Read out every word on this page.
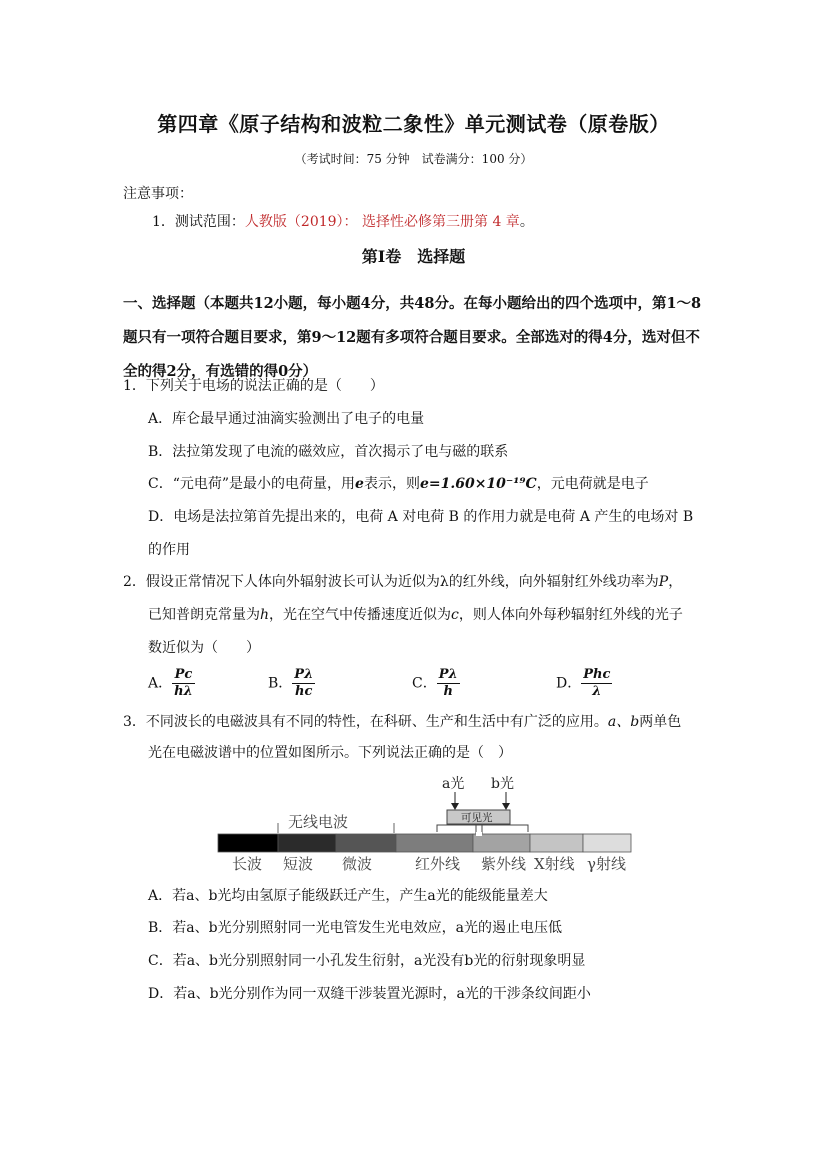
第四章《原子结构和波粒二象性》单元测试卷（原卷版）
（考试时间：75 分钟　试卷满分：100 分）
注意事项：
1．测试范围：人教版（2019）： 选择性必修第三册第 4 章。
第Ⅰ卷　选择题
一、选择题（本题共12小题，每小题4分，共48分。在每小题给出的四个选项中，第1～8题只有一项符合题目要求，第9～12题有多项符合题目要求。全部选对的得4分，选对但不全的得2分，有选错的得0分）
1．下列关于电场的说法正确的是（　　）
A．库仑最早通过油滴实验测出了电子的电量
B．法拉第发现了电流的磁效应，首次揭示了电与磁的联系
C．“元电荷”是最小的电荷量，用e表示，则e=1.60×10⁻¹⁹C，元电荷就是电子
D．电场是法拉第首先提出来的，电荷 A 对电荷 B 的作用力就是电荷 A 产生的电场对 B
的作用
2．假设正常情况下人体向外辐射波长可认为近似为λ的红外线，向外辐射红外线功率为P，
已知普朗克常量为h，光在空气中传播速度近似为c，则人体向外每秒辐射红外线的光子
数近似为（　　）
A． $\frac{Pc}{h\lambda}$	B． $\frac{P\lambda}{hc}$	C． $\frac{P\lambda}{h}$	D． $\frac{\text{Phc}}{\lambda}$
3．不同波长的电磁波具有不同的特性，在科研、生产和生活中有广泛的应用。a、b两单色
光在电磁波谱中的位置如图所示。下列说法正确的是（　）
a光 b光
可见光
无线电波
长波 短波 微波	红外线 紫外线 X射线 γ射线
A．若a、b光均由氢原子能级跃迁产生，产生a光的能级能量差大
B．若a、b光分别照射同一光电管发生光电效应，a光的遏止电压低
C．若a、b光分别照射同一小孔发生衍射，a光没有b光的衍射现象明显
D．若a、b光分别作为同一双缝干涉装置光源时，a光的干涉条纹间距小
